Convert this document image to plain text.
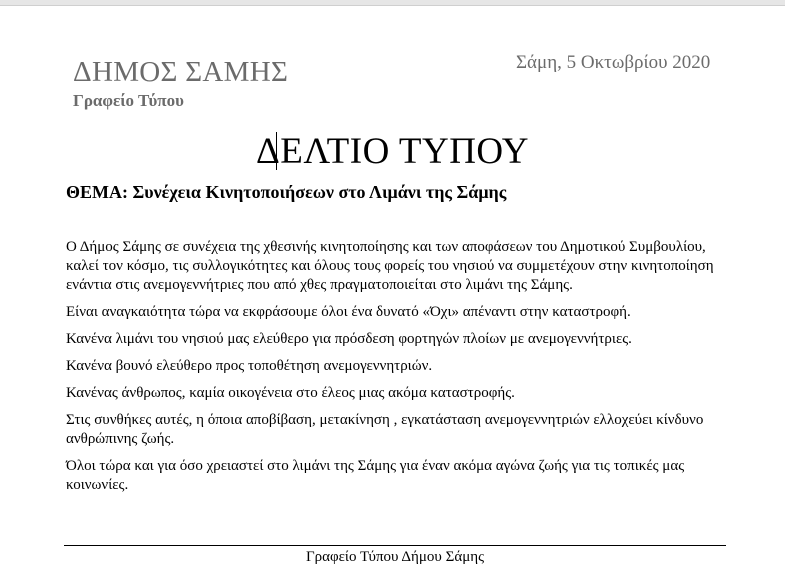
ΔΗΜΟΣ ΣΑΜΗΣ
Γραφείο Τύπου
Σάμη, 5 Οκτωβρίου 2020
ΔΕΛΤΙΟ ΤΥΠΟΥ
ΘΕΜΑ: Συνέχεια Κινητοποιήσεων στο Λιμάνι της Σάμης

Ο Δήμος Σάμης σε συνέχεια της χθεσινής κινητοποίησης και των αποφάσεων του Δημοτικού Συμβουλίου, καλεί τον κόσμο, τις συλλογικότητες και όλους τους φορείς του νησιού να συμμετέχουν στην κινητοποίηση ενάντια στις ανεμογεννήτριες που από χθες πραγματοποιείται στο λιμάνι της Σάμης.

Είναι αναγκαιότητα τώρα να εκφράσουμε όλοι ένα δυνατό «Όχι» απέναντι στην καταστροφή.

Κανένα λιμάνι του νησιού μας ελεύθερο για πρόσδεση φορτηγών πλοίων με ανεμογεννήτριες.

Κανένα βουνό ελεύθερο προς τοποθέτηση ανεμογεννητριών.

Κανένας άνθρωπος, καμία οικογένεια στο έλεος μιας ακόμα καταστροφής.

Στις συνθήκες αυτές, η όποια αποβίβαση, μετακίνηση , εγκατάσταση ανεμογεννητριών ελλοχεύει κίνδυνο ανθρώπινης ζωής.

Όλοι τώρα και για όσο χρειαστεί στο λιμάνι της Σάμης για έναν ακόμα αγώνα ζωής για τις τοπικές μας κοινωνίες.

Γραφείο Τύπου Δήμου Σάμης
